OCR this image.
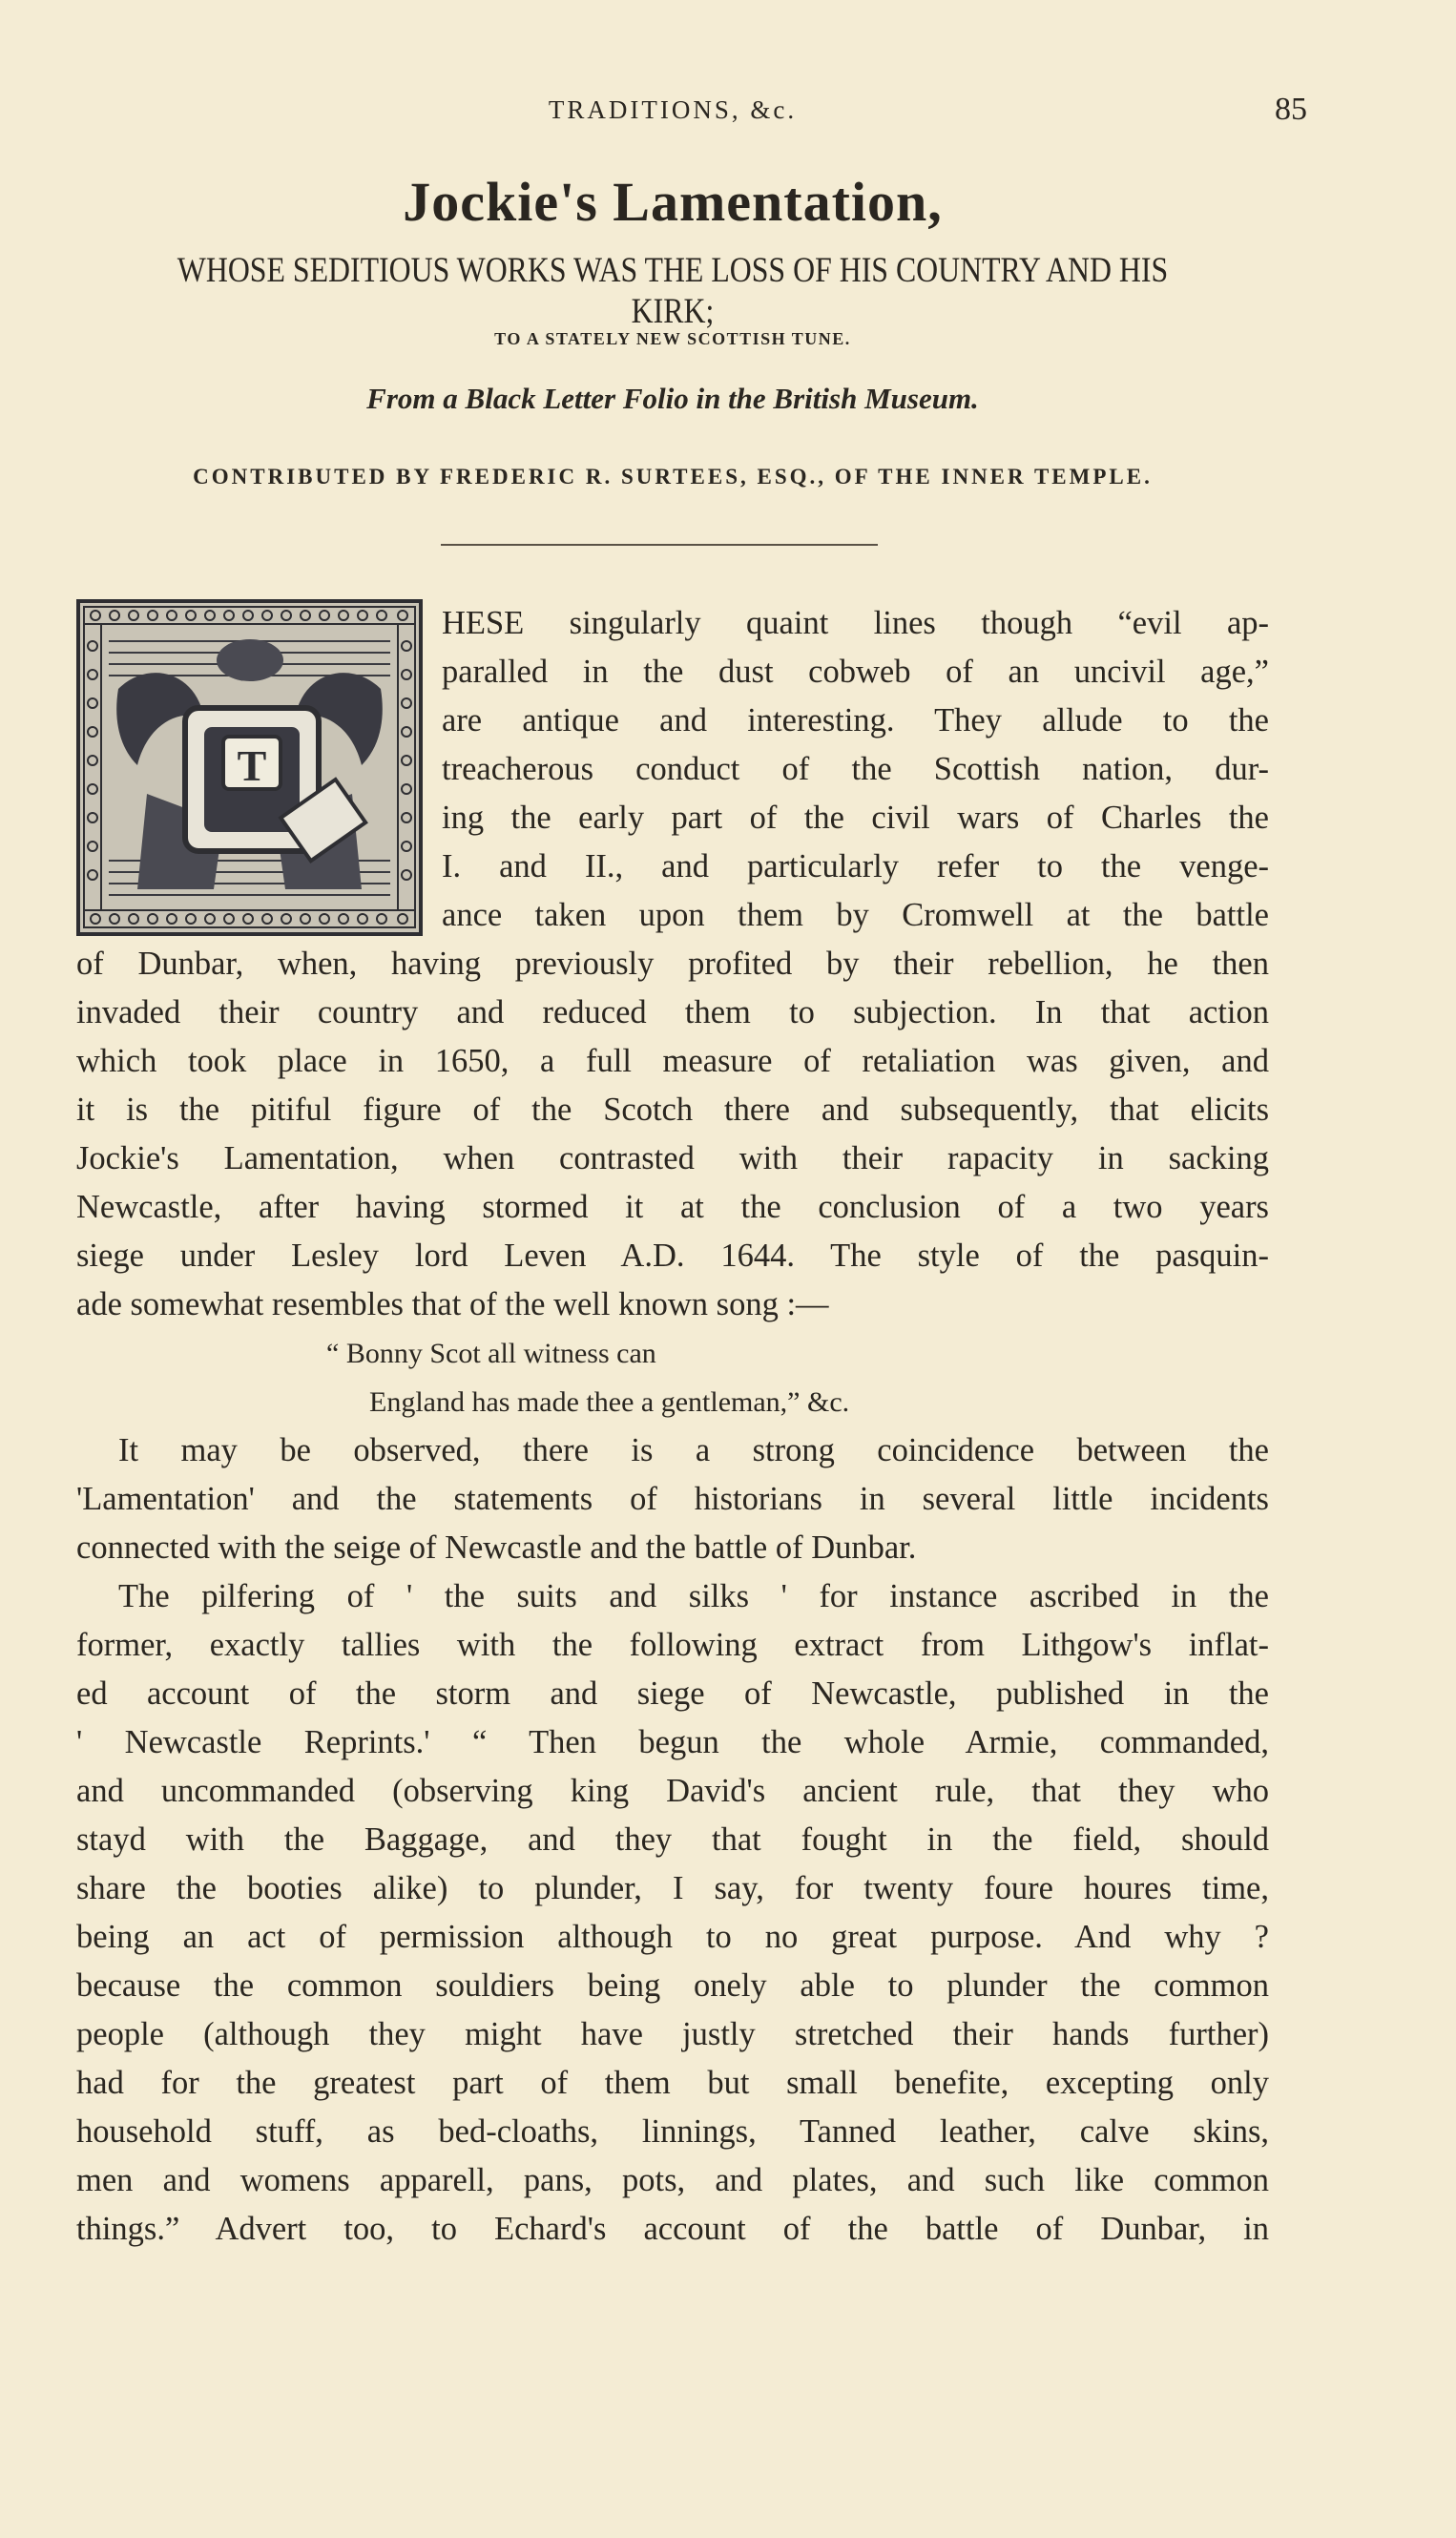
TRADITIONS, &c.	85
Jockie's Lamentation,
WHOSE SEDITIOUS WORKS WAS THE LOSS OF HIS COUNTRY AND HIS KIRK;
TO A STATELY NEW SCOTTISH TUNE.
From a Black Letter Folio in the British Museum.
CONTRIBUTED BY FREDERIC R. SURTEES, ESQ., OF THE INNER TEMPLE.
T
HESE singularly quaint lines though “evil ap-
paralled in the dust cobweb of an uncivil age,”
are antique and interesting. They allude to the
treacherous conduct of the Scottish nation, dur-
ing the early part of the civil wars of Charles the
I. and II., and particularly refer to the venge-
ance taken upon them by Cromwell at the battle
of Dunbar, when, having previously profited by their rebellion, he then
invaded their country and reduced them to subjection. In that action
which took place in 1650, a full measure of retaliation was given, and
it is the pitiful figure of the Scotch there and subsequently, that elicits
Jockie's Lamentation, when contrasted with their rapacity in sacking
Newcastle, after having stormed it at the conclusion of a two years
siege under Lesley lord Leven A.D. 1644. The style of the pasquin-
ade somewhat resembles that of the well known song :—
“ Bonny Scot all witness can
England has made thee a gentleman,” &c.
It may be observed, there is a strong coincidence between the
'Lamentation' and the statements of historians in several little incidents
connected with the seige of Newcastle and the battle of Dunbar.
The pilfering of ' the suits and silks ' for instance ascribed in the
former, exactly tallies with the following extract from Lithgow's inflat-
ed account of the storm and siege of Newcastle, published in the
' Newcastle Reprints.' “ Then begun the whole Armie, commanded,
and uncommanded (observing king David's ancient rule, that they who
stayd with the Baggage, and they that fought in the field, should
share the booties alike) to plunder, I say, for twenty foure houres time,
being an act of permission although to no great purpose. And why ?
because the common souldiers being onely able to plunder the common
people (although they might have justly stretched their hands further)
had for the greatest part of them but small benefite, excepting only
household stuff, as bed-cloaths, linnings, Tanned leather, calve skins,
men and womens apparell, pans, pots, and plates, and such like common
things.” Advert too, to Echard's account of the battle of Dunbar, in
